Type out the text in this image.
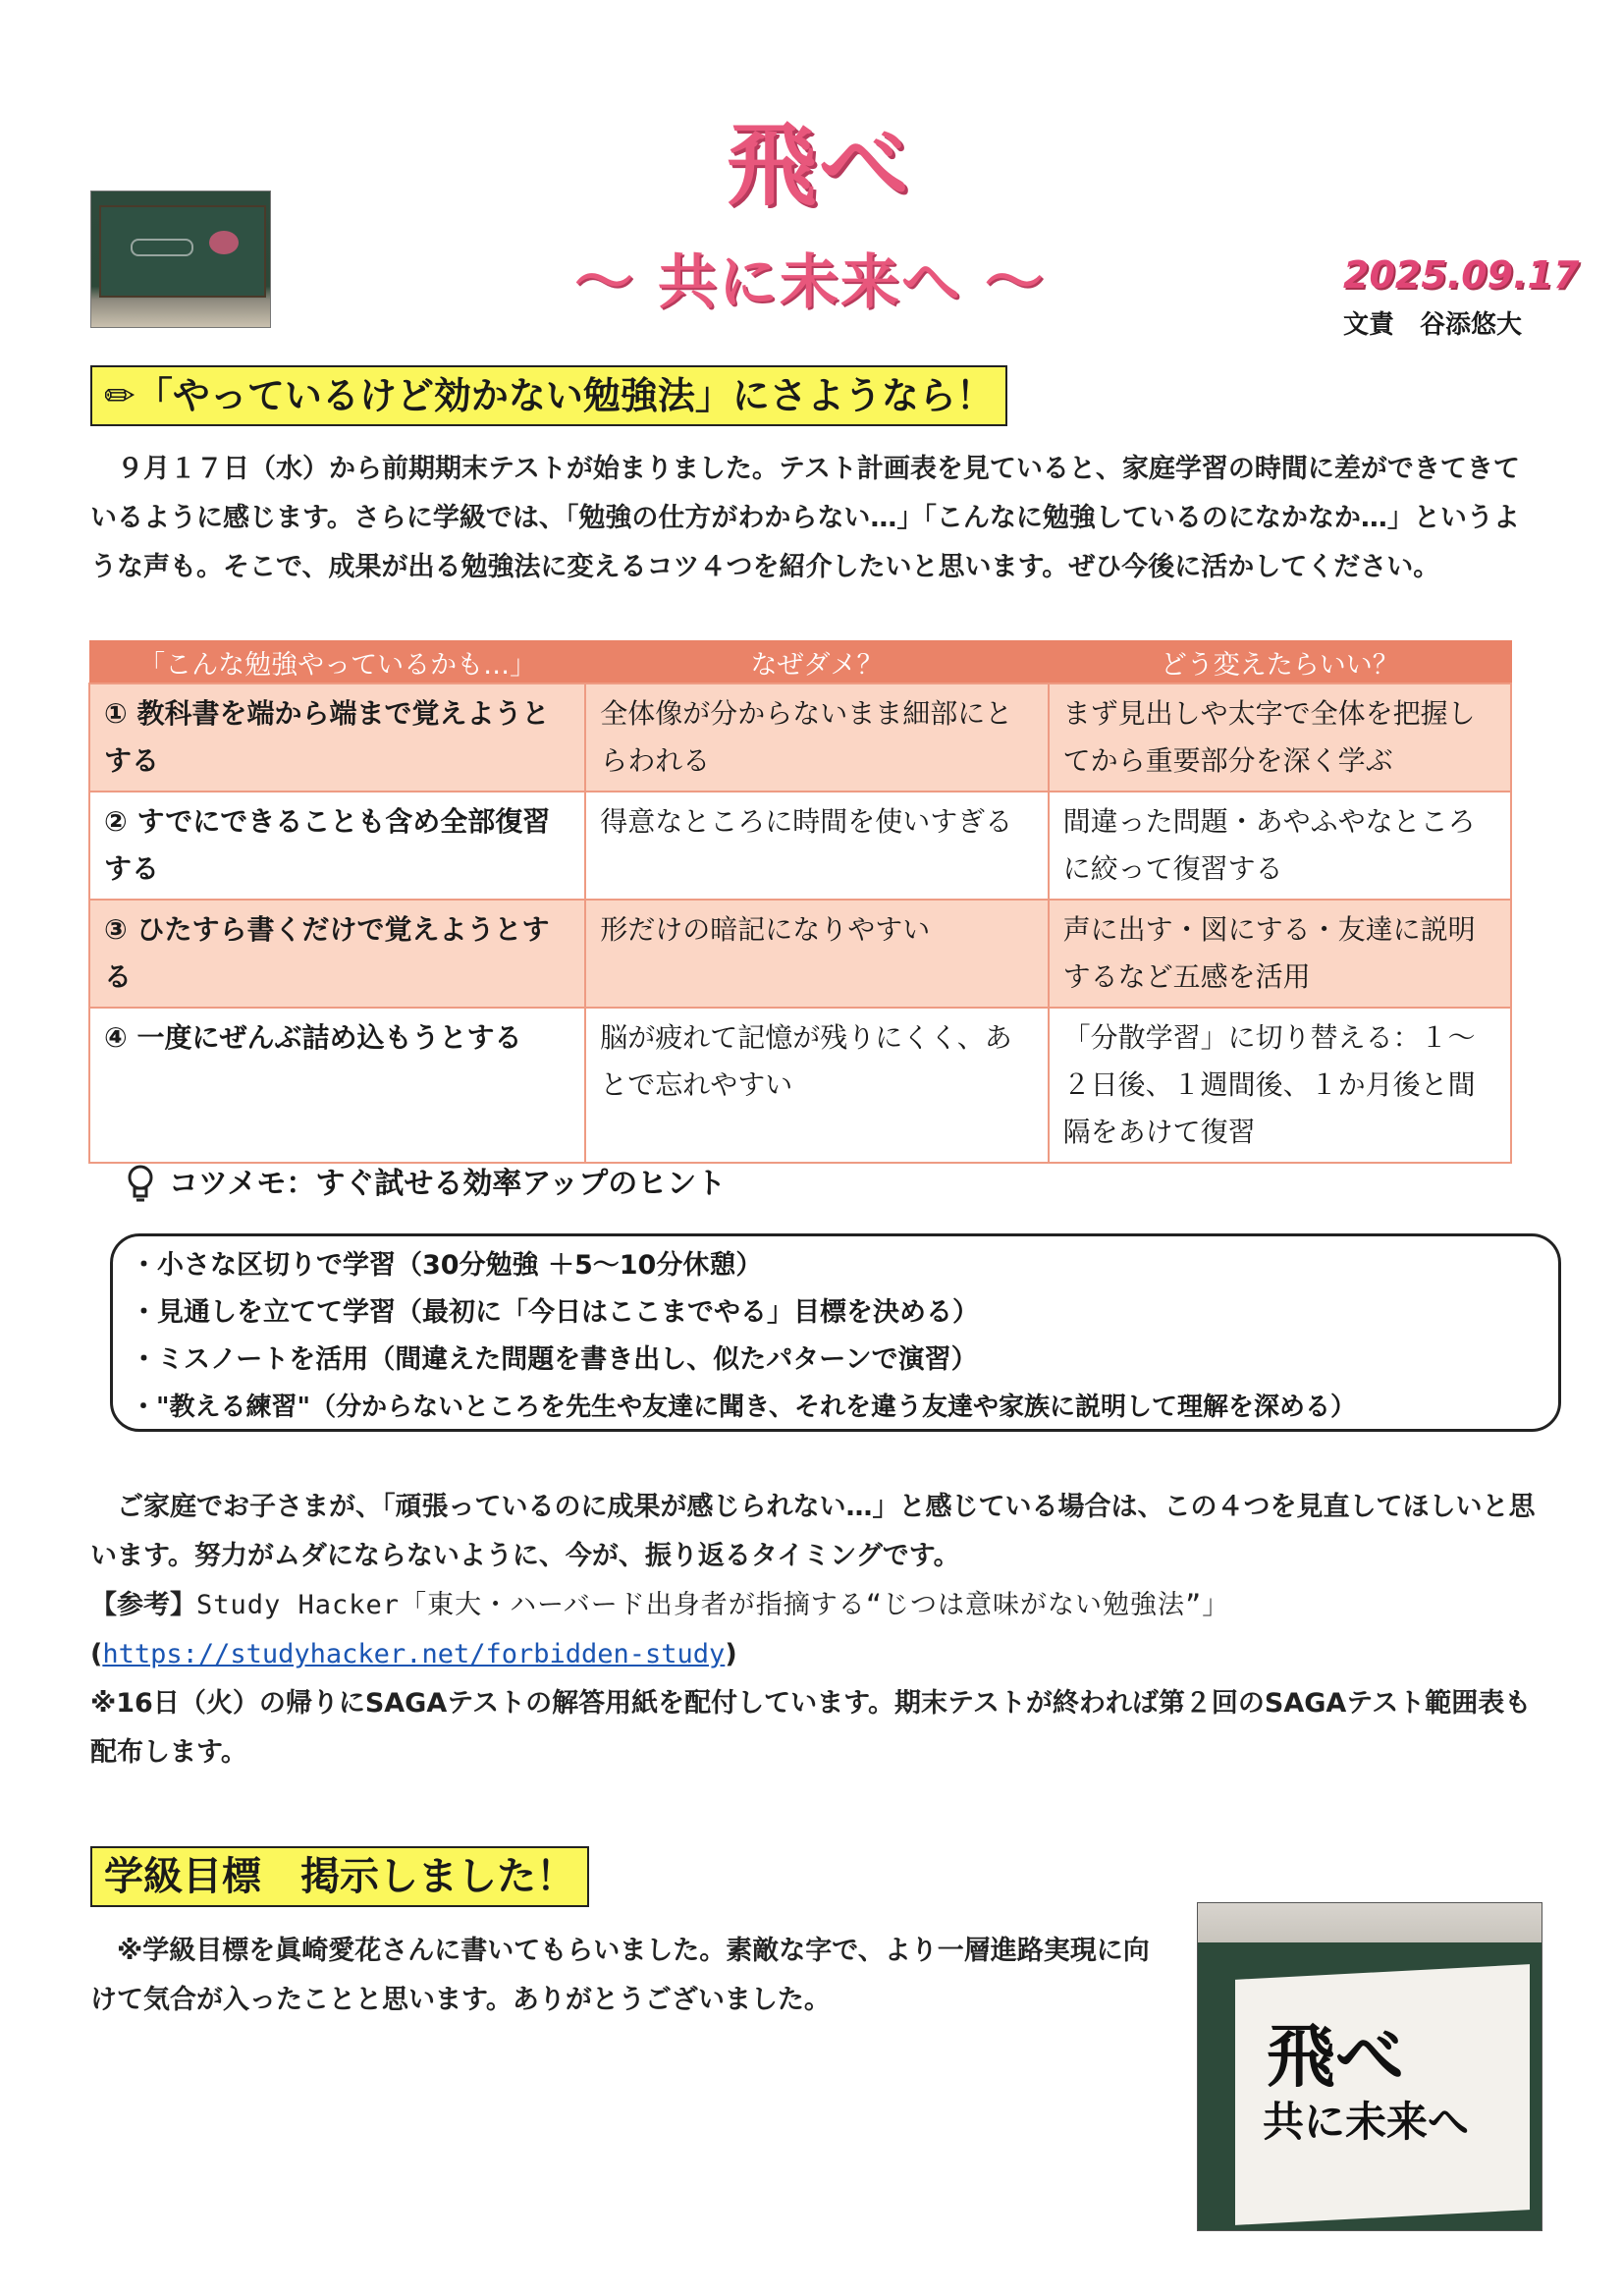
飛べ
～ 共に未来へ ～	2025.09.17
文責　谷添悠大
✏「やっているけど効かない勉強法」にさようなら！
　９月１７日（水）から前期期末テストが始まりました。テスト計画表を見ていると、家庭学習の時間に差ができてきているように感じます。さらに学級では、「勉強の仕方がわからない…」「こんなに勉強しているのになかなか…」というような声も。そこで、成果が出る勉強法に変えるコツ４つを紹介したいと思います。ぜひ今後に活かしてください。
「こんな勉強やっているかも…」	なぜダメ？	どう変えたらいい？
① 教科書を端から端まで覚えようとする	全体像が分からないまま細部にとらわれる	まず見出しや太字で全体を把握してから重要部分を深く学ぶ
② すでにできることも含め全部復習する	得意なところに時間を使いすぎる	間違った問題・あやふやなところに絞って復習する
③ ひたすら書くだけで覚えようとする	形だけの暗記になりやすい	声に出す・図にする・友達に説明するなど五感を活用
④ 一度にぜんぶ詰め込もうとする	脳が疲れて記憶が残りにくく、あとで忘れやすい	「分散学習」に切り替える：１～２日後、１週間後、１か月後と間隔をあけて復習
コツメモ：すぐ試せる効率アップのヒント
・小さな区切りで学習（30分勉強 ＋5～10分休憩）
・見通しを立てて学習（最初に「今日はここまでやる」目標を決める）
・ミスノートを活用（間違えた問題を書き出し、似たパターンで演習）
・"教える練習"（分からないところを先生や友達に聞き、それを違う友達や家族に説明して理解を深める）
　ご家庭でお子さまが、「頑張っているのに成果が感じられない…」と感じている場合は、この４つを見直してほしいと思います。努力がムダにならないように、今が、振り返るタイミングです。
【参考】Study Hacker「東大・ハーバード出身者が指摘する“じつは意味がない勉強法”」
(https://studyhacker.net/forbidden-study)
※16日（火）の帰りにSAGAテストの解答用紙を配付しています。期末テストが終われば第２回のSAGAテスト範囲表も配布します。
学級目標　掲示しました！
　※学級目標を眞崎愛花さんに書いてもらいました。素敵な字で、より一層進路実現に向けて気合が入ったことと思います。ありがとうございました。
飛べ
共に未来へ
